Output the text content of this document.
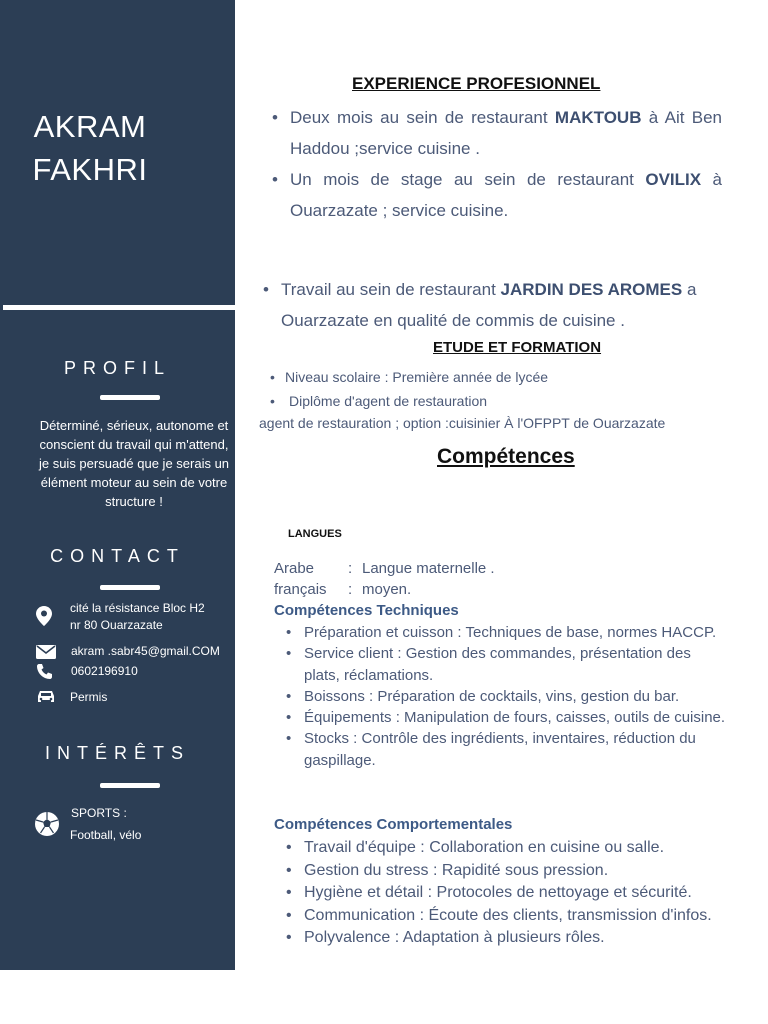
AKRAM
FAKHRI
PROFIL
Déterminé, sérieux, autonome et conscient du travail qui m'attend, je suis persuadé que je serais un élément moteur au sein de votre structure !
CONTACT
cité la résistance Bloc H2
nr 80 Ouarzazate
akram .sabr45@gmail.COM
0602196910
Permis
INTÉRÊTS
SPORTS :
Football, vélo
EXPERIENCE PROFESIONNEL
• Deux mois au sein de restaurant MAKTOUB à Ait Ben Haddou ;service cuisine .
• Un mois de stage au sein de restaurant OVILIX à Ouarzazate ; service cuisine.
• Travail au sein de restaurant JARDIN DES AROMES a Ouarzazate en qualité de commis de cuisine .
ETUDE ET FORMATION
• Niveau scolaire : Première année de lycée
• Diplôme d'agent de restauration
agent de restauration ; option :cuisinier À l'OFPPT de Ouarzazate
Compétences
LANGUES
Arabe : Langue maternelle .
français : moyen.
Compétences Techniques
• Préparation et cuisson : Techniques de base, normes HACCP.
• Service client : Gestion des commandes, présentation des plats, réclamations.
• Boissons : Préparation de cocktails, vins, gestion du bar.
• Équipements : Manipulation de fours, caisses, outils de cuisine.
• Stocks : Contrôle des ingrédients, inventaires, réduction du gaspillage.
Compétences Comportementales
• Travail d'équipe : Collaboration en cuisine ou salle.
• Gestion du stress : Rapidité sous pression.
• Hygiène et détail : Protocoles de nettoyage et sécurité.
• Communication : Écoute des clients, transmission d'infos.
• Polyvalence : Adaptation à plusieurs rôles.
